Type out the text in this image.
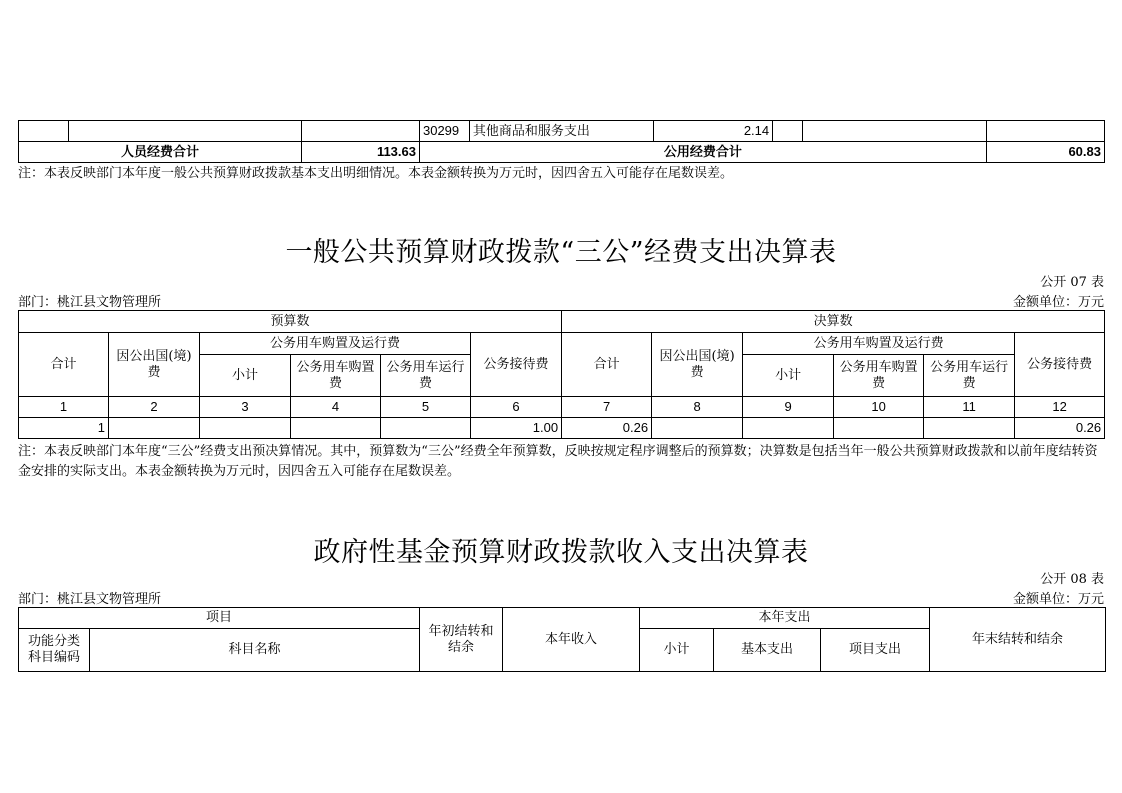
			30299	其他商品和服务支出	2.14			
人员经费合计		113.63	公用经费合计					60.83
注：本表反映部门本年度一般公共预算财政拨款基本支出明细情况。本表金额转换为万元时，因四舍五入可能存在尾数误差。
一般公共预算财政拨款“三公”经费支出决算表
公开 07 表
部门：桃江县文物管理所	金额单位：万元
预算数						决算数					
合计	因公出国(境)费	公务用车购置及运行费			公务接待费	合计	因公出国(境)费	公务用车购置及运行费			公务接待费
		小计	公务用车购置费	公务用车运行费				小计	公务用车购置费	公务用车运行费	
1	2	3	4	5	6	7	8	9	10	11	12
1					1.00	0.26					0.26
注：本表反映部门本年度“三公”经费支出预决算情况。其中，预算数为“三公”经费全年预算数，反映按规定程序调整后的预算数；决算数是包括当年一般公共预算财政拨款和以前年度结转资金安排的实际支出。本表金额转换为万元时，因四舍五入可能存在尾数误差。
政府性基金预算财政拨款收入支出决算表
公开 08 表
部门：桃江县文物管理所	金额单位：万元
项目		年初结转和结余	本年收入	本年支出			年末结转和结余
功能分类科目编码	科目名称			小计	基本支出	项目支出	
